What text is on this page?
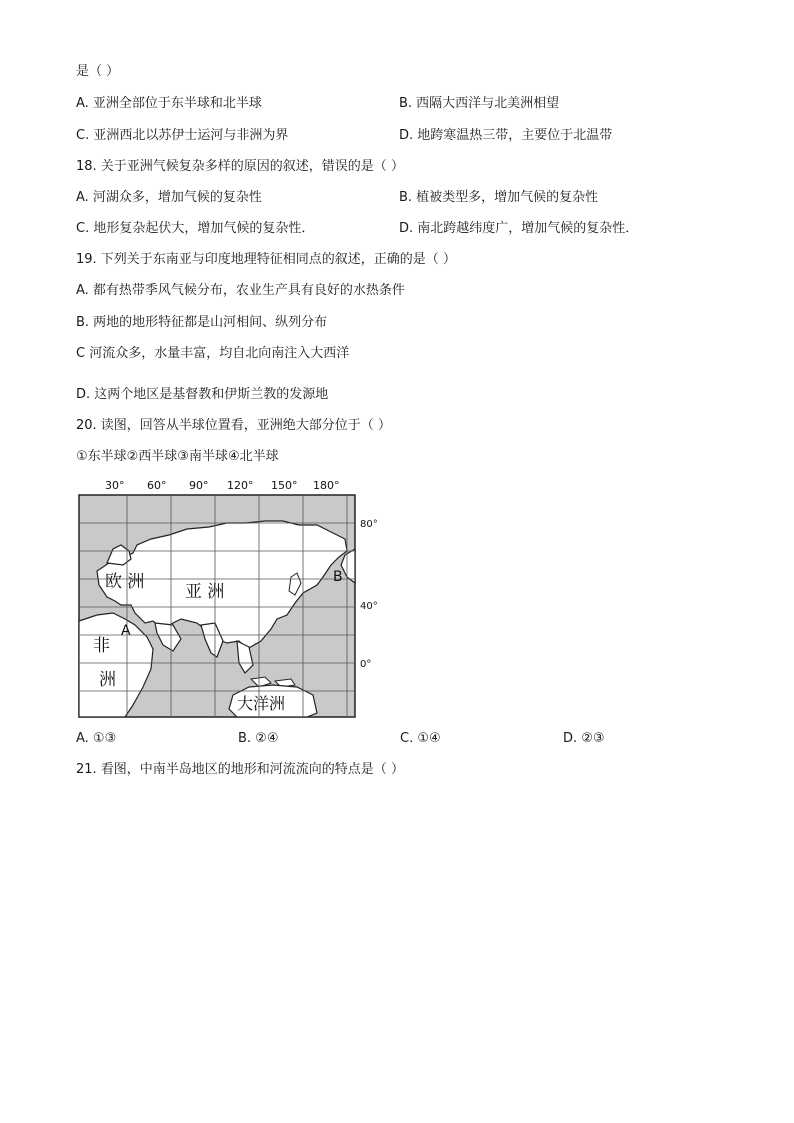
是（ ）
A. 亚洲全部位于东半球和北半球	B. 西隔大西洋与北美洲相望
C. 亚洲西北以苏伊士运河与非洲为界	D. 地跨寒温热三带，主要位于北温带
18. 关于亚洲气候复杂多样的原因的叙述，错误的是（ ）
A. 河湖众多，增加气候的复杂性	B. 植被类型多，增加气候的复杂性
C. 地形复杂起伏大，增加气候的复杂性．	D. 南北跨越纬度广，增加气候的复杂性．
19. 下列关于东南亚与印度地理特征相同点的叙述，正确的是（ ）
A. 都有热带季风气候分布，农业生产具有良好的水热条件
B. 两地的地形特征都是山河相间、纵列分布
C 河流众多，水量丰富，均自北向南注入大西洋
D. 这两个地区是基督教和伊斯兰教的发源地
20. 读图，回答从半球位置看，亚洲绝大部分位于（ ）
①东半球②西半球③南半球④北半球
30° 60° 90° 120° 150° 180°
80°
40°
0°
欧 洲 亚 洲
非
洲
大洋洲
A
B
A. ①③	B. ②④	C. ①④	D. ②③
21. 看图，中南半岛地区的地形和河流流向的特点是（ ）
